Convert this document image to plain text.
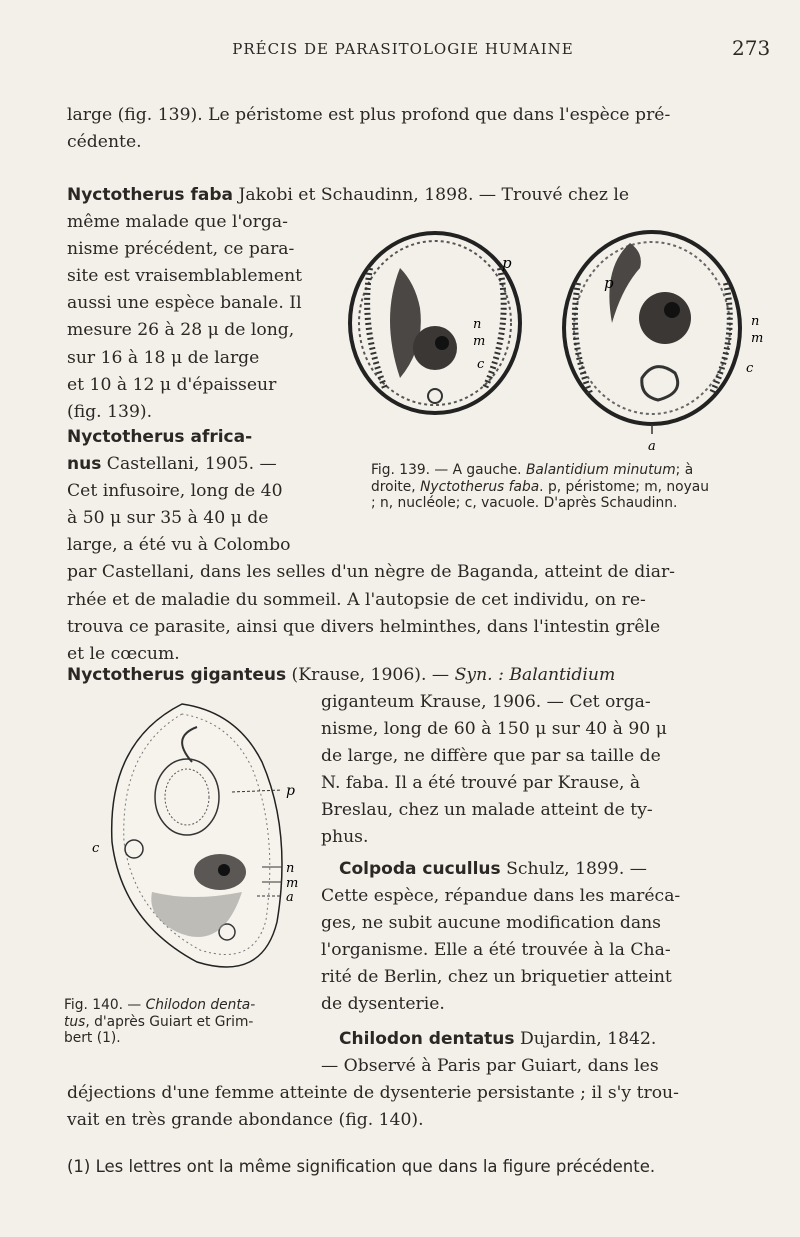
PRÉCIS DE PARASITOLOGIE HUMAINE	273
large (fig. 139). Le péristome est plus profond que dans l'espèce pré-
cédente.
Nyctotherus faba Jakobi et Schaudinn, 1898. — Trouvé chez le
même malade que l'orga-
nisme précédent, ce para-
site est vraisemblablement
aussi une espèce banale. Il
mesure 26 à 28 μ de long,
sur 16 à 18 μ de large
et 10 à 12 μ d'épaisseur
(fig. 139).
Nyctotherus africa-
nus Castellani, 1905. —
Cet infusoire, long de 40
à 50 μ sur 35 à 40 μ de
large, a été vu à Colombo
par Castellani, dans les selles d'un nègre de Baganda, atteint de diar-
rhée et de maladie du sommeil. A l'autopsie de cet individu, on re-
trouva ce parasite, ainsi que divers helminthes, dans l'intestin grêle
et le cœcum.
p
n
m
c
p
n
m
c
a
Fig. 139. — A gauche. Balantidium minutum; à droite, Nyctotherus faba. p, péristome; m, noyau ; n, nucléole; c, vacuole. D'après Schaudinn.
Nyctotherus giganteus (Krause, 1906). — Syn. : Balantidium
giganteum Krause, 1906. — Cet orga-
nisme, long de 60 à 150 μ sur 40 à 90 μ
de large, ne diffère que par sa taille de
N. faba. Il a été trouvé par Krause, à
Breslau, chez un malade atteint de ty-
phus.
Colpoda cucullus Schulz, 1899. —
Cette espèce, répandue dans les maréca-
ges, ne subit aucune modification dans
l'organisme. Elle a été trouvée à la Cha-
rité de Berlin, chez un briquetier atteint
de dysenterie.
c
p
n
m
a
Fig. 140. — Chilodon denta-
tus, d'après Guiart et Grim-
bert (1).	Chilodon dentatus Dujardin, 1842.
— Observé à Paris par Guiart, dans les
déjections d'une femme atteinte de dysenterie persistante ; il s'y trou-
vait en très grande abondance (fig. 140).
(1) Les lettres ont la même signification que dans la figure précédente.
